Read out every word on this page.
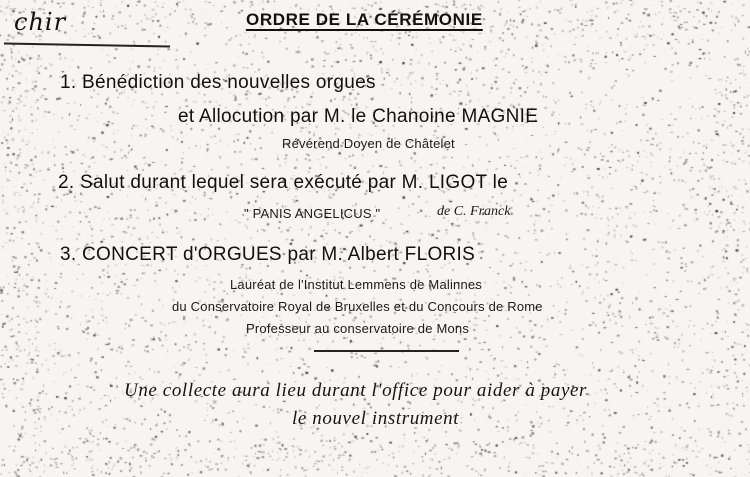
chir	ORDRE DE LA CÉRÉMONIE
1. Bénédiction des nouvelles orgues
et Allocution par M. le Chanoine MAGNIE
Révérend Doyen de Châtelet
2. Salut durant lequel sera exécuté par M. LIGOT le
" PANIS ANGELICUS "	de C. Franck
3. CONCERT d'ORGUES par M. Albert FLORIS
Lauréat de l'Institut Lemmens de Malinnes
du Conservatoire Royal de Bruxelles et du Concours de Rome
Professeur au conservatoire de Mons
Une collecte aura lieu durant l'office pour aider à payer
le nouvel instrument
